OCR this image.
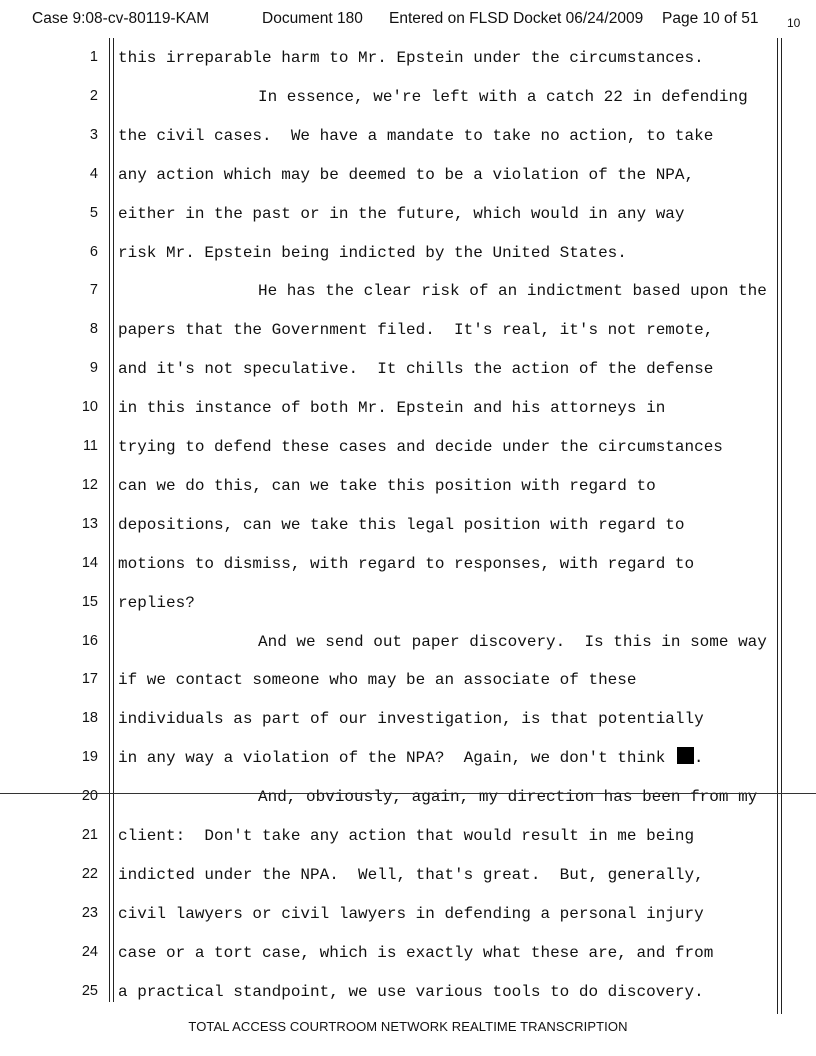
Case 9:08-cv-80119-KAM	Document 180 Entered on FLSD Docket 06/24/2009 Page 10 of 51 10
1 this irreparable harm to Mr. Epstein under the circumstances.
2	In essence, we're left with a catch 22 in defending
3 the civil cases.  We have a mandate to take no action, to take
4 any action which may be deemed to be a violation of the NPA,
5 either in the past or in the future, which would in any way
6 risk Mr. Epstein being indicted by the United States.
7	He has the clear risk of an indictment based upon the
8 papers that the Government filed.  It's real, it's not remote,
9 and it's not speculative.  It chills the action of the defense
10 in this instance of both Mr. Epstein and his attorneys in
11 trying to defend these cases and decide under the circumstances
12 can we do this, can we take this position with regard to
13 depositions, can we take this legal position with regard to
14 motions to dismiss, with regard to responses, with regard to
15 replies?
16	And we send out paper discovery.  Is this in some way
17 if we contact someone who may be an associate of these
18 individuals as part of our investigation, is that potentially
19 in any way a violation of the NPA?  Again, we don't think .
20	And, obviously, again, my direction has been from my
21 client:  Don't take any action that would result in me being
22 indicted under the NPA.  Well, that's great.  But, generally,
23 civil lawyers or civil lawyers in defending a personal injury
24 case or a tort case, which is exactly what these are, and from
25 a practical standpoint, we use various tools to do discovery.
TOTAL ACCESS COURTROOM NETWORK REALTIME TRANSCRIPTION
